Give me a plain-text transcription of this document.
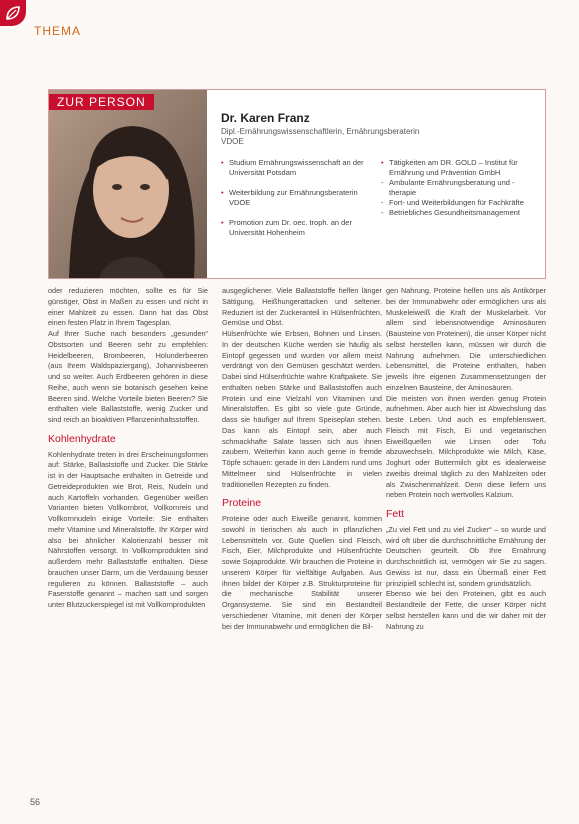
THEMA
ZUR PERSON
Dr. Karen Franz
Dipl.-Ernährungswissenschaftlerin, Ernährungsberaterin VDOE
• Studium Ernährungswissenschaft an der Universität Potsdam
• Weiterbildung zur Ernährungsberaterin VDOE
• Promotion zum Dr. oec. troph. an der Universität Hohenheim
• Tätigkeiten am DR. GOLD – Institut für Ernährung und Prävention GmbH
- Ambulante Ernährungsberatung und -therapie
- Fort- und Weiterbildungen für Fachkräfte
- Betriebliches Gesundheitsmanagement

oder reduzieren möchten, sollte es für Sie günstiger, Obst in Maßen zu essen und nicht in einer Mahlzeit zu essen. Dann hat das Obst einen festen Platz in Ihrem Tagesplan.

Auf Ihrer Suche nach besonders „gesunden“ Obstsorten und Beeren sehr zu empfehlen: Heidelbeeren, Brombeeren, Holunderbeeren (aus Ihrem Waldspaziergang), Johannisbeeren und so weiter. Auch Erdbeeren gehören in diese Reihe, auch wenn sie botanisch gesehen keine Beeren sind. Welche Vorteile bieten Beeren? Sie enthalten viele Ballaststoffe, wenig Zucker und sind reich an bioaktiven Pflanzeninhaltsstoffen.

Kohlenhydrate

Kohlenhydrate treten in drei Erscheinungsformen auf: Stärke, Ballaststoffe und Zucker. Die Stärke ist in der Hauptsache enthalten in Getreide und Getreideprodukten wie Brot, Reis, Nudeln und auch Kartoffeln vorhanden. Gegenüber weißen Varianten bieten Vollkornbrot, Vollkornreis und Vollkornnudeln einige Vorteile: Sie enthalten mehr Vitamine und Mineralstoffe. Ihr Körper wird also bei ähnlicher Kalorienzahl besser mit Nährstoffen versorgt. In Vollkornprodukten sind außerdem mehr Ballaststoffe enthalten. Diese brauchen unser Darm, um die Verdauung besser regulieren zu können. Ballaststoffe – auch Faserstoffe genannt – machen satt und sorgen unter Blutzuckerspiegel ist mit Vollkornprodukten

ausgeglichener. Viele Ballaststoffe helfen länger Sättigung, Heißhungerattacken und seltener. Reduziert ist der Zuckeranteil in Hülsenfrüchten, Gemüse und Obst.

Hülsenfrüchte wie Erbsen, Bohnen und Linsen. In der deutschen Küche werden sie häufig als Eintopf gegessen und wurden vor allem meist verdrängt von den Gemüsen geschätzt werden. Dabei sind Hülsenfrüchte wahre Kraftpakete. Sie enthalten neben Stärke und Ballaststoffen auch Protein und eine Vielzahl von Vitaminen und Mineralstoffen. Es gibt so viele gute Gründe, dass sie häufiger auf Ihrem Speiseplan stehen. Das kann als Eintopf sein, aber auch schmackhafte Salate lassen sich aus ihnen zaubern. Weiterhin kann auch gerne in fremde Töpfe schauen: gerade in den Ländern rund ums Mittelmeer sind Hülsenfrüchte in vielen traditionellen Rezepten zu finden.

Proteine

Proteine oder auch Eiweiße genannt, kommen sowohl in tierischen als auch in pflanzlichen Lebensmitteln vor. Gute Quellen sind Fleisch, Fisch, Eier, Milchprodukte und Hülsenfrüchte sowie Sojaprodukte. Wir brauchen die Proteine in unserem Körper für vielfältige Aufgaben. Aus ihnen bildet der Körper z.B. Strukturproteine für die mechanische Stabilität unserer Organsysteme. Sie sind ein Bestandteil verschiedener Vitamine, mit denen der Körper bei der Immunabwehr und ermöglichen die Bil-

gen Nahrung. Proteine helfen uns als Antikörper bei der Immunabwehr oder ermöglichen uns als Muskeleiweiß die Kraft der Muskelarbeit. Vor allem sind lebensnotwendige Aminosäuren (Bausteine von Proteinen), die unser Körper nicht selbst herstellen kann, müssen wir durch die Nahrung aufnehmen. Die unterschiedlichen Lebensmittel, die Proteine enthalten, haben jeweils ihre eigenen Zusammensetzungen der einzelnen Bausteine, der Aminosäuren.

Die meisten von ihnen werden genug Protein aufnehmen. Aber auch hier ist Abwechslung das beste Leben. Und auch es empfehlenswert, Fleisch mit Fisch, Ei und vegetarischen Eiweißquellen wie Linsen oder Tofu abzuwechseln. Milchprodukte wie Milch, Käse, Joghurt oder Buttermilch gibt es idealerweise zweibis dreimal täglich zu den Mahlzeiten oder als Zwischenmahlzeit. Denn diese liefern uns neben Protein noch wertvolles Kalzium.

Fett

„Zu viel Fett und zu viel Zucker“ – so wurde und wird oft über die durchschnittliche Ernährung der Deutschen geurteilt. Ob Ihre Ernährung durchschnittlich ist, vermögen wir Sie zu sagen. Gewiss ist nur, dass ein Übermaß einer Fett prinzipiell schlecht ist, sondern grundsätzlich.

Ebenso wie bei den Proteinen, gibt es auch Bestandteile der Fette, die unser Körper nicht selbst herstellen kann und die wir daher mit der Nahrung zu

56
